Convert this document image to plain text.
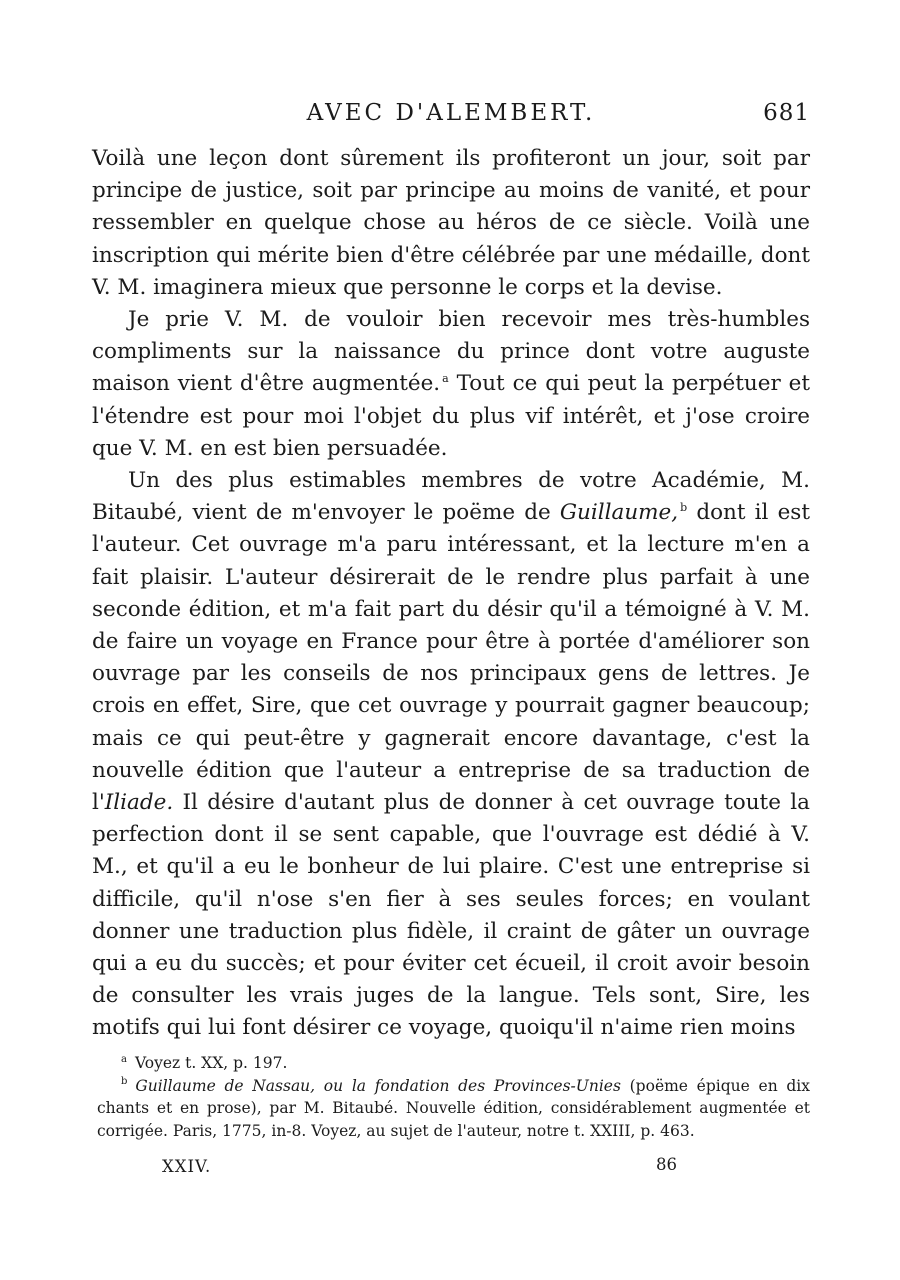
AVEC D'ALEMBERT.	681

Voilà une leçon dont sûrement ils profiteront un jour, soit par principe de justice, soit par principe au moins de vanité, et pour ressembler en quelque chose au héros de ce siècle. Voilà une inscription qui mérite bien d'être célébrée par une médaille, dont V. M. imaginera mieux que personne le corps et la devise.

Je prie V. M. de vouloir bien recevoir mes très-humbles compliments sur la naissance du prince dont votre auguste maison vient d'être augmentée. $^a$ Tout ce qui peut la perpétuer et l'étendre est pour moi l'objet du plus vif intérêt, et j'ose croire que V. M. en est bien persuadée.

Un des plus estimables membres de votre Académie, M. Bitaubé, vient de m'envoyer le poëme de Guillaume, $^b$ dont il est l'auteur. Cet ouvrage m'a paru intéressant, et la lecture m'en a fait plaisir. L'auteur désirerait de le rendre plus parfait à une seconde édition, et m'a fait part du désir qu'il a témoigné à V. M. de faire un voyage en France pour être à portée d'améliorer son ouvrage par les conseils de nos principaux gens de lettres. Je crois en effet, Sire, que cet ouvrage y pourrait gagner beaucoup; mais ce qui peut-être y gagnerait encore davantage, c'est la nouvelle édition que l'auteur a entreprise de sa traduction de l'Iliade. Il désire d'autant plus de donner à cet ouvrage toute la perfection dont il se sent capable, que l'ouvrage est dédié à V. M., et qu'il a eu le bonheur de lui plaire. C'est une entreprise si difficile, qu'il n'ose s'en fier à ses seules forces; en voulant donner une traduction plus fidèle, il craint de gâter un ouvrage qui a eu du succès; et pour éviter cet écueil, il croit avoir besoin de consulter les vrais juges de la langue. Tels sont, Sire, les motifs qui lui font désirer ce voyage, quoiqu'il n'aime rien moins

$^a$ Voyez t. XX, p. 197.

$^b$ Guillaume de Nassau, ou la fondation des Provinces-Unies (poëme épique en dix chants et en prose), par M. Bitaubé. Nouvelle édition, considérablement augmentée et corrigée. Paris, 1775, in-8. Voyez, au sujet de l'auteur, notre t. XXIII, p. 463.

XXIV.	86
